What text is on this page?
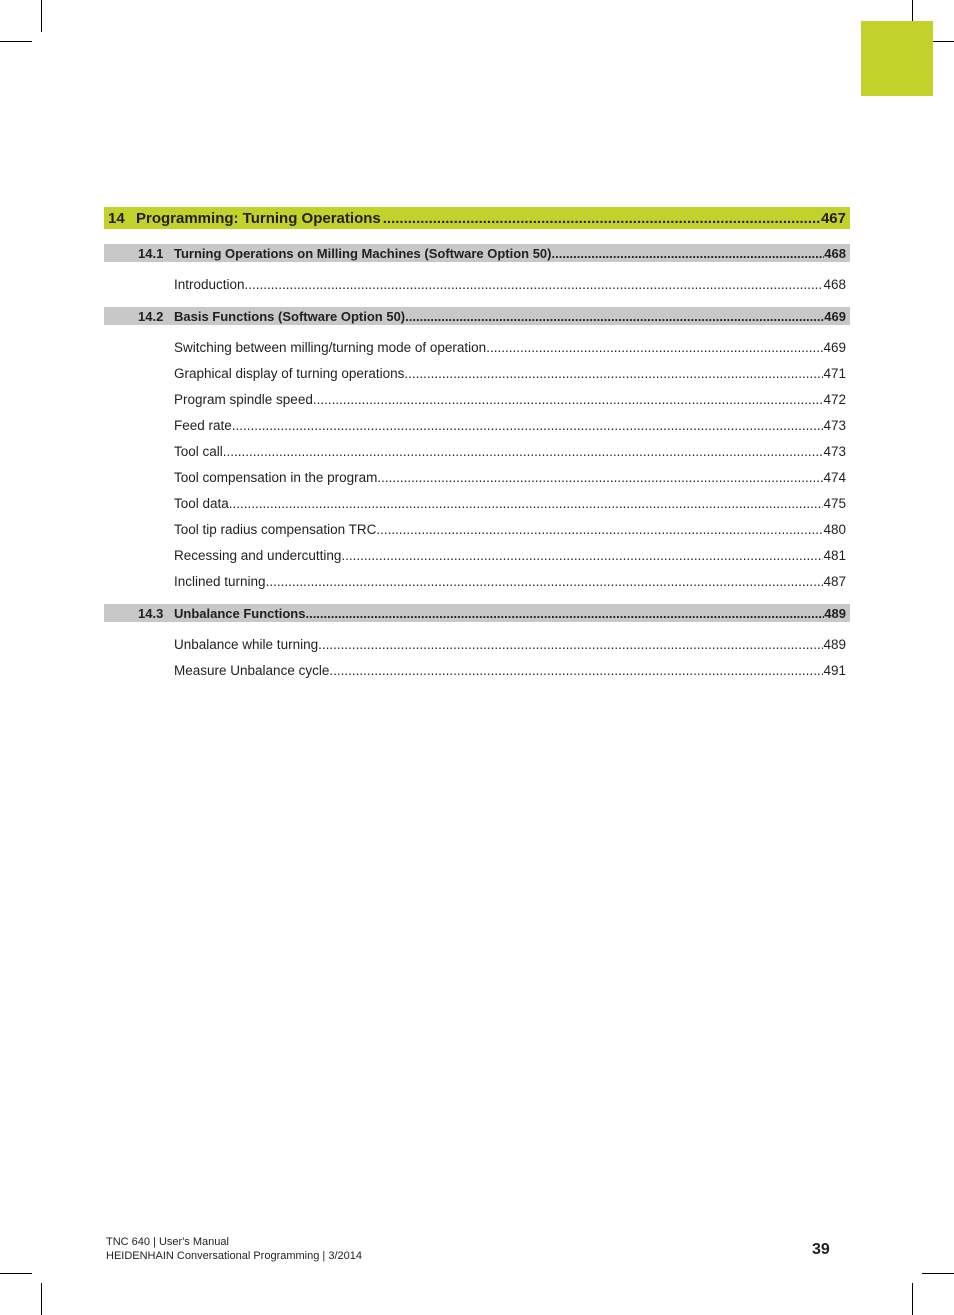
14 Programming: Turning Operations .....	467
14.1 Turning Operations on Milling Machines (Software Option 50) .....	468
Introduction .....	468
14.2 Basis Functions (Software Option 50) .....	469
Switching between milling/turning mode of operation .....	469
Graphical display of turning operations .....	471
Program spindle speed .....	472
Feed rate .....	473
Tool call .....	473
Tool compensation in the program .....	474
Tool data .....	475
Tool tip radius compensation TRC .....	480
Recessing and undercutting .....	481
Inclined turning .....	487
14.3 Unbalance Functions .....	489
Unbalance while turning .....	489
Measure Unbalance cycle .....	491
TNC 640 | User's Manual
HEIDENHAIN Conversational Programming | 3/2014	39
